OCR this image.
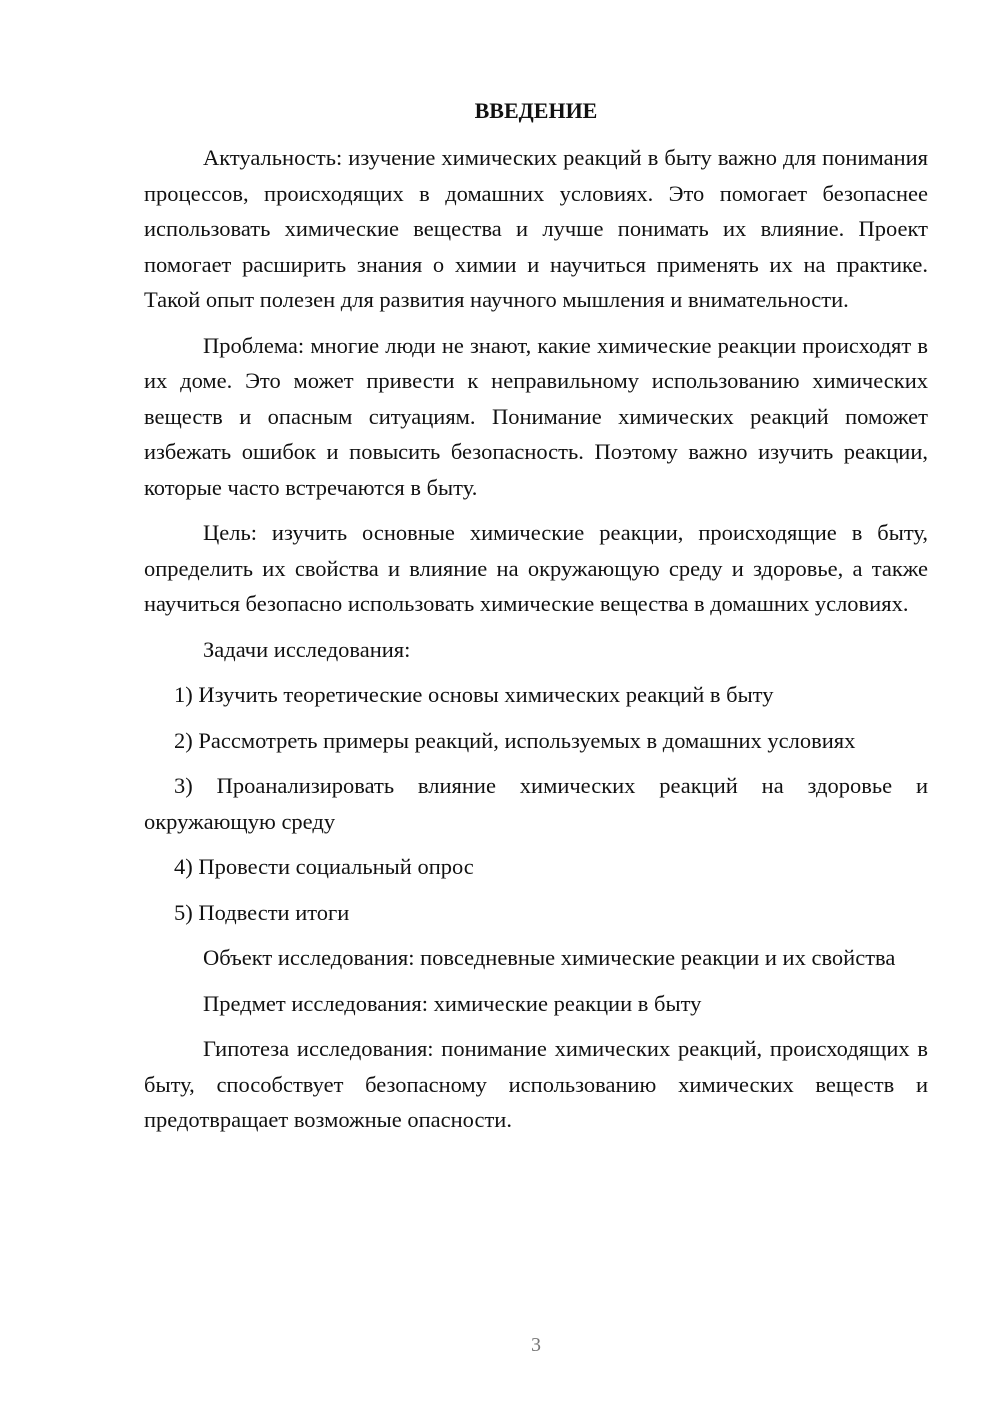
ВВЕДЕНИЕ

Актуальность: изучение химических реакций в быту важно для понимания процессов, происходящих в домашних условиях. Это помогает безопаснее использовать химические вещества и лучше понимать их влияние. Проект помогает расширить знания о химии и научиться применять их на практике. Такой опыт полезен для развития научного мышления и внимательности.

Проблема: многие люди не знают, какие химические реакции происходят в их доме. Это может привести к неправильному использованию химических веществ и опасным ситуациям. Понимание химических реакций поможет избежать ошибок и повысить безопасность. Поэтому важно изучить реакции, которые часто встречаются в быту.

Цель: изучить основные химические реакции, происходящие в быту, определить их свойства и влияние на окружающую среду и здоровье, а также научиться безопасно использовать химические вещества в домашних условиях.

Задачи исследования:

1) Изучить теоретические основы химических реакций в быту

2) Рассмотреть примеры реакций, используемых в домашних условиях

3) Проанализировать влияние химических реакций на здоровье и окружающую среду

4) Провести социальный опрос

5) Подвести итоги

Объект исследования: повседневные химические реакции и их свойства

Предмет исследования: химические реакции в быту

Гипотеза исследования: понимание химических реакций, происходящих в быту, способствует безопасному использованию химических веществ и предотвращает возможные опасности.

3
